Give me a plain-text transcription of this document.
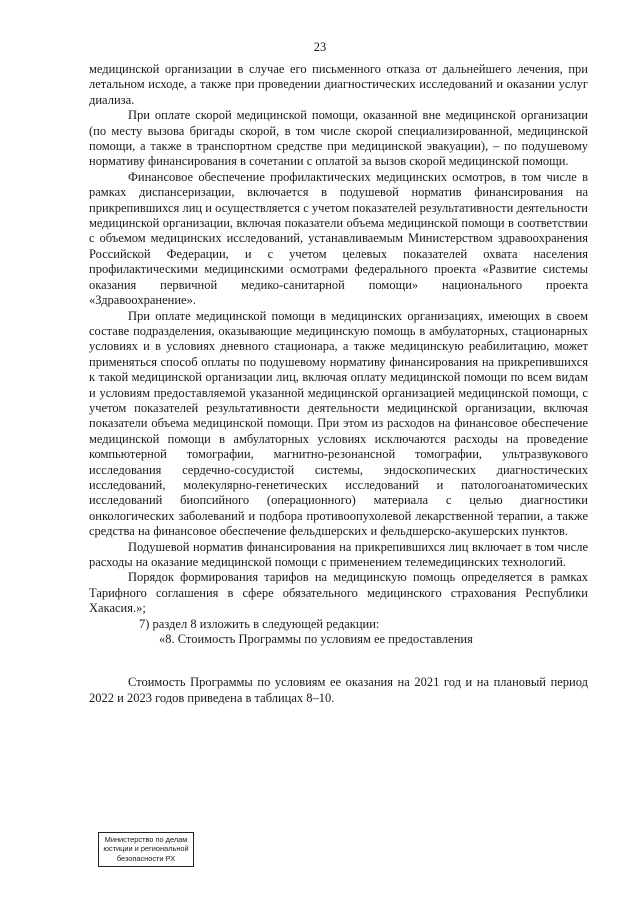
23

медицинской организации в случае его письменного отказа от дальнейшего лечения, при летальном исходе, а также при проведении диагностических исследований и оказании услуг диализа.

При оплате скорой медицинской помощи, оказанной вне медицинской организации (по месту вызова бригады скорой, в том числе скорой специализированной, медицинской помощи, а также в транспортном средстве при медицинской эвакуации), – по подушевому нормативу финансирования в сочетании с оплатой за вызов скорой медицинской помощи.

Финансовое обеспечение профилактических медицинских осмотров, в том числе в рамках диспансеризации, включается в подушевой норматив финансирования на прикрепившихся лиц и осуществляется с учетом показателей результативности деятельности медицинской организации, включая показатели объема медицинской помощи в соответствии с объемом медицинских исследований, устанавливаемым Министерством здравоохранения Российской Федерации, и с учетом целевых показателей охвата населения профилактическими медицинскими осмотрами федерального проекта «Развитие системы оказания первичной медико-санитарной помощи» национального проекта «Здравоохранение».

При оплате медицинской помощи в медицинских организациях, имеющих в своем составе подразделения, оказывающие медицинскую помощь в амбулаторных, стационарных условиях и в условиях дневного стационара, а также медицинскую реабилитацию, может применяться способ оплаты по подушевому нормативу финансирования на прикрепившихся к такой медицинской организации лиц, включая оплату медицинской помощи по всем видам и условиям предоставляемой указанной медицинской организацией медицинской помощи, с учетом показателей результативности деятельности медицинской организации, включая показатели объема медицинской помощи. При этом из расходов на финансовое обеспечение медицинской помощи в амбулаторных условиях исключаются расходы на проведение компьютерной томографии, магнитно-резонансной томографии, ультразвукового исследования сердечно-сосудистой системы, эндоскопических диагностических исследований, молекулярно-генетических исследований и патологоанатомических исследований биопсийного (операционного) материала с целью диагностики онкологических заболеваний и подбора противоопухолевой лекарственной терапии, а также средства на финансовое обеспечение фельдшерских и фельдшерско-акушерских пунктов.

Подушевой норматив финансирования на прикрепившихся лиц включает в том числе расходы на оказание медицинской помощи с применением телемедицинских технологий.

Порядок формирования тарифов на медицинскую помощь определяется в рамках Тарифного соглашения в сфере обязательного медицинского страхования Республики Хакасия.»;

7) раздел 8 изложить в следующей редакции:

«8. Стоимость Программы по условиям ее предоставления

Стоимость Программы по условиям ее оказания на 2021 год и на плановый период 2022 и 2023 годов приведена в таблицах 8–10.

Министерство по делам
юстиции и региональной
безопасности РХ
